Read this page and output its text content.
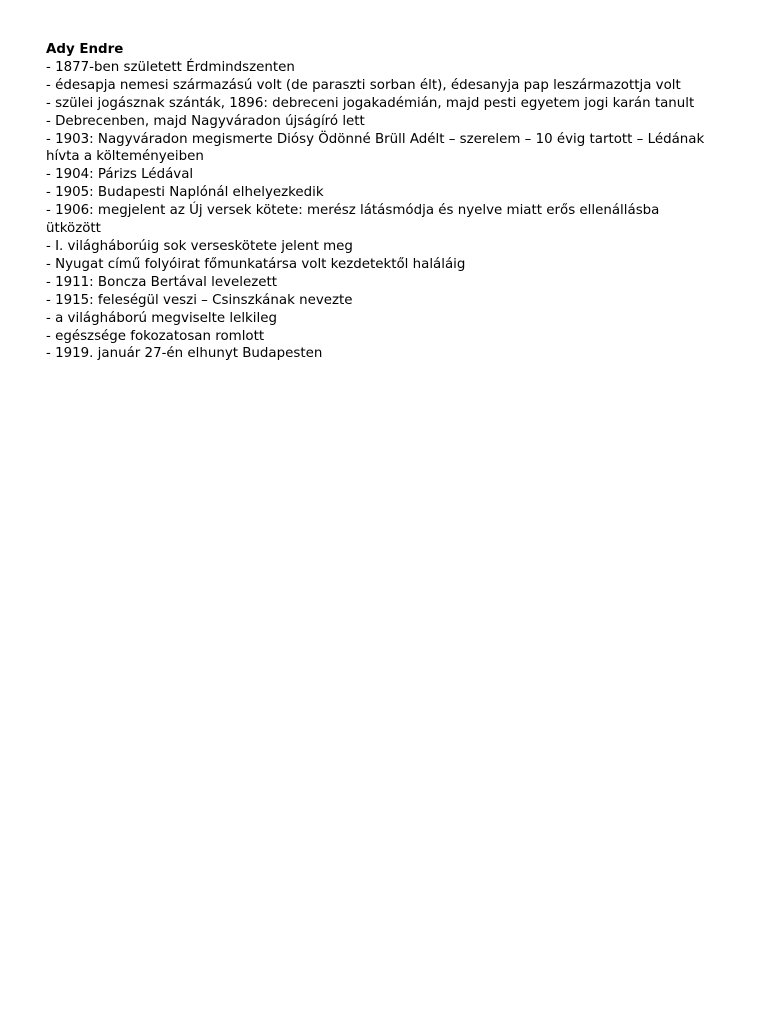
Ady Endre
- 1877-ben született Érdmindszenten
- édesapja nemesi származású volt (de paraszti sorban élt), édesanyja pap leszármazottja volt
- szülei jogásznak szánták, 1896: debreceni jogakadémián, majd pesti egyetem jogi karán tanult
- Debrecenben, majd Nagyváradon újságíró lett
- 1903: Nagyváradon megismerte Diósy Ödönné Brüll Adélt – szerelem – 10 évig tartott – Lédának hívta a költeményeiben
- 1904: Párizs Lédával
- 1905: Budapesti Naplónál elhelyezkedik
- 1906: megjelent az Új versek kötete: merész látásmódja és nyelve miatt erős ellenállásba ütközött
- I. világháborúig sok verseskötete jelent meg
- Nyugat című folyóirat főmunkatársa volt kezdetektől haláláig
- 1911: Boncza Bertával levelezett
- 1915: feleségül veszi – Csinszkának nevezte
- a világháború megviselte lelkileg
- egészsége fokozatosan romlott
- 1919. január 27-én elhunyt Budapesten
